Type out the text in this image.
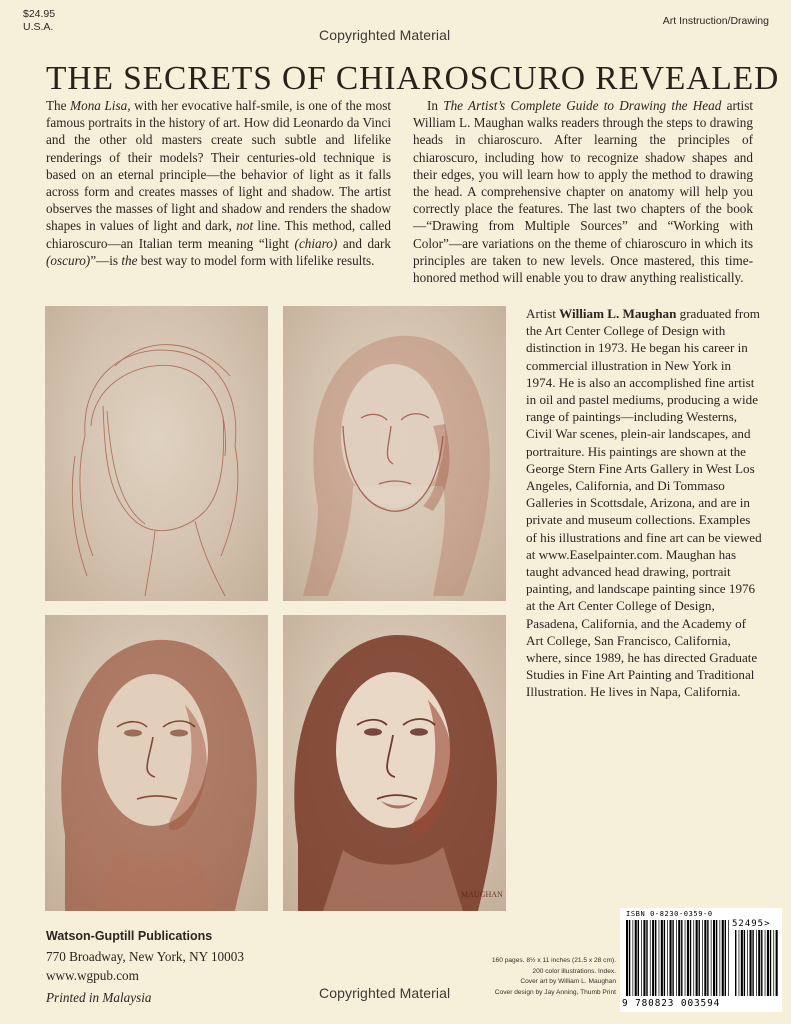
$24.95
U.S.A.	Art Instruction/Drawing
Copyrighted Material
THE SECRETS OF CHIAROSCURO REVEALED

The Mona Lisa, with her evocative half-smile, is one of the most famous portraits in the history of art. How did Leonardo da Vinci and the other old masters create such subtle and lifelike renderings of their models? Their centuries-old technique is based on an eternal principle—the behavior of light as it falls across form and creates masses of light and shadow. The artist observes the masses of light and shadow and renders the shadow shapes in values of light and dark, not line. This method, called chiaroscuro—an Italian term meaning “light (chiaro) and dark (oscuro)”—is the best way to model form with lifelike results.

In The Artist’s Complete Guide to Drawing the Head artist William L. Maughan walks readers through the steps to drawing heads in chiaroscuro. After learning the principles of chiaroscuro, including how to recognize shadow shapes and their edges, you will learn how to apply the method to drawing the head. A comprehensive chapter on anatomy will help you correctly place the features. The last two chapters of the book—“Drawing from Multiple Sources” and “Working with Color”—are variations on the theme of chiaroscuro in which its principles are taken to new levels. Once mastered, this time-honored method will enable you to draw anything realistically.

MAUGHAN
Artist William L. Maughan graduated from the Art Center College of Design with distinction in 1973. He began his career in commercial illustration in New York in 1974. He is also an accomplished fine artist in oil and pastel mediums, producing a wide range of paintings—including Westerns, Civil War scenes, plein-air landscapes, and portraiture. His paintings are shown at the George Stern Fine Arts Gallery in West Los Angeles, California, and Di Tommaso Galleries in Scottsdale, Arizona, and are in private and museum collections. Examples of his illustrations and fine art can be viewed at www.Easelpainter.com. Maughan has taught advanced head drawing, portrait painting, and landscape painting since 1976 at the Art Center College of Design, Pasadena, California, and the Academy of Art College, San Francisco, California, where, since 1989, he has directed Graduate Studies in Fine Art Painting and Traditional Illustration. He lives in Napa, California.
Watson-Guptill Publications
770 Broadway, New York, NY 10003
www.wgpub.com
Printed in Malaysia
160 pages. 8½ x 11 inches (21.5 x 28 cm).
200 color illustrations. Index.
Cover art by William L. Maughan
Cover design by Jay Anning, Thumb Print
Copyrighted Material
ISBN 0-8230-0359-0
52495>
9 780823 003594
